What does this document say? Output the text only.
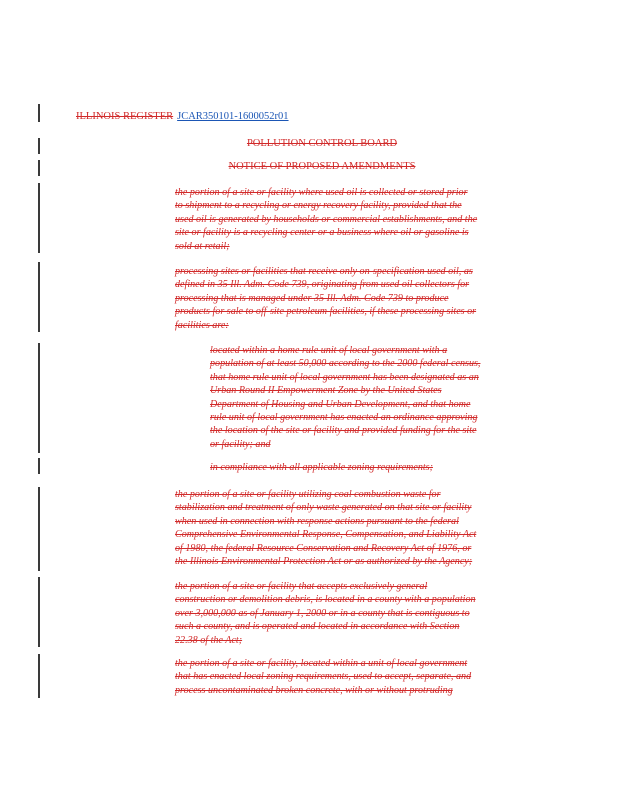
ILLINOIS REGISTER JCAR350101-1600052r01
POLLUTION CONTROL BOARD
NOTICE OF PROPOSED AMENDMENTS
the portion of a site or facility where used oil is collected or stored prior
to shipment to a recycling or energy recovery facility, provided that the
used oil is generated by households or commercial establishments, and the
site or facility is a recycling center or a business where oil or gasoline is
sold at retail;
processing sites or facilities that receive only on-specification used oil, as
defined in 35 Ill. Adm. Code 739, originating from used oil collectors for
processing that is managed under 35 Ill. Adm. Code 739 to produce
products for sale to off-site petroleum facilities, if these processing sites or
facilities are:
located within a home rule unit of local government with a
population of at least 50,000 according to the 2000 federal census,
that home rule unit of local government has been designated as an
Urban Round II Empowerment Zone by the United States
Department of Housing and Urban Development, and that home
rule unit of local government has enacted an ordinance approving
the location of the site or facility and provided funding for the site
or facility; and
in compliance with all applicable zoning requirements;
the portion of a site or facility utilizing coal combustion waste for
stabilization and treatment of only waste generated on that site or facility
when used in connection with response actions pursuant to the federal
Comprehensive Environmental Response, Compensation, and Liability Act
of 1980, the federal Resource Conservation and Recovery Act of 1976, or
the Illinois Environmental Protection Act or as authorized by the Agency;
the portion of a site or facility that accepts exclusively general
construction or demolition debris, is located in a county with a population
over 3,000,000 as of January 1, 2000 or in a county that is contiguous to
such a county, and is operated and located in accordance with Section
22.38 of the Act;
the portion of a site or facility, located within a unit of local government
that has enacted local zoning requirements, used to accept, separate, and
process uncontaminated broken concrete, with or without protruding
